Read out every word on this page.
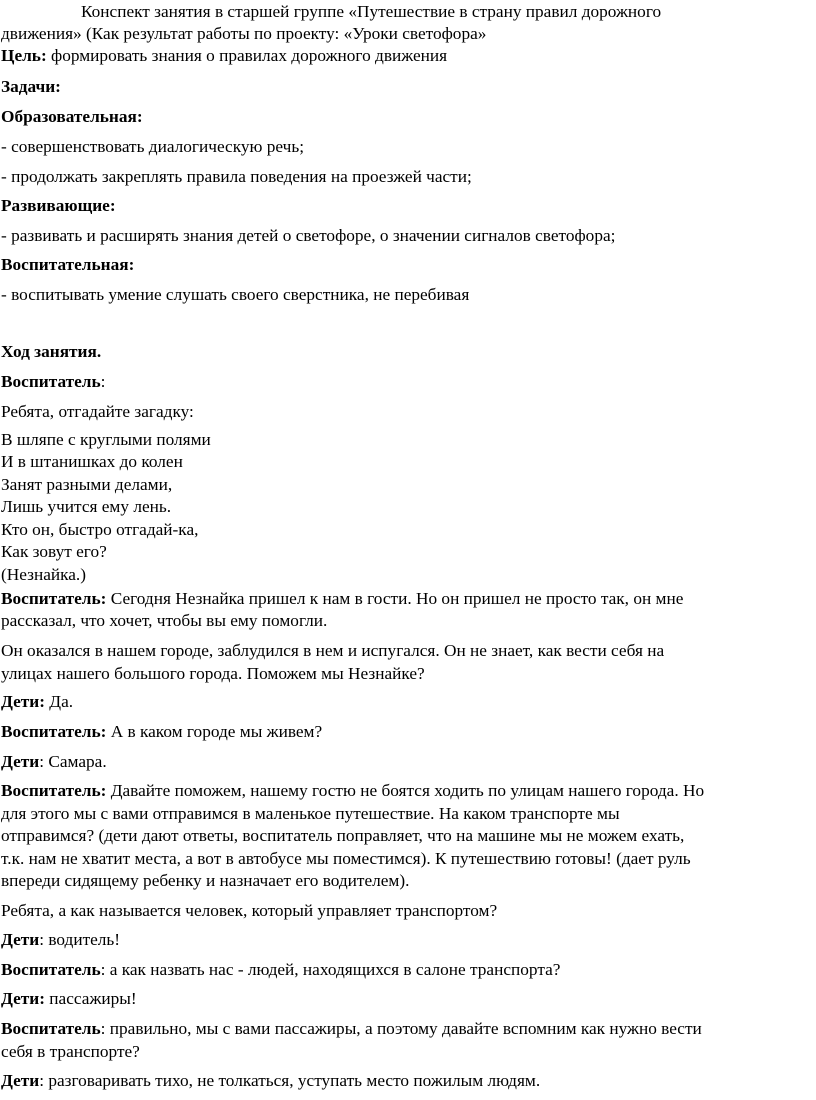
Конспект занятия в старшей группе «Путешествие в страну правил дорожного
движения» (Как результат работы по проекту: «Уроки светофора»
Цель: формировать знания о правилах дорожного движения
Задачи:
Образовательная:
- совершенствовать диалогическую речь;
- продолжать закреплять правила поведения на проезжей части;
Развивающие:
- развивать и расширять знания детей о светофоре, о значении сигналов светофора;
Воспитательная:
- воспитывать умение слушать своего сверстника, не перебивая
Ход занятия.
Воспитатель:
Ребята, отгадайте загадку:
В шляпе с круглыми полями
И в штанишках до колен
Занят разными делами,
Лишь учится ему лень.
Кто он, быстро отгадай-ка,
Как зовут его?
(Незнайка.)
Воспитатель: Сегодня Незнайка пришел к нам в гости. Но он пришел не просто так, он мне
рассказал, что хочет, чтобы вы ему помогли.
Он оказался в нашем городе, заблудился в нем и испугался. Он не знает, как вести себя на
улицах нашего большого города. Поможем мы Незнайке?
Дети: Да.
Воспитатель: А в каком городе мы живем?
Дети: Самара.
Воспитатель: Давайте поможем, нашему гостю не боятся ходить по улицам нашего города. Но
для этого мы с вами отправимся в маленькое путешествие. На каком транспорте мы
отправимся? (дети дают ответы, воспитатель поправляет, что на машине мы не можем ехать,
т.к. нам не хватит места, а вот в автобусе мы поместимся). К путешествию готовы! (дает руль
впереди сидящему ребенку и назначает его водителем).
Ребята, а как называется человек, который управляет транспортом?
Дети: водитель!
Воспитатель: а как назвать нас - людей, находящихся в салоне транспорта?
Дети: пассажиры!
Воспитатель: правильно, мы с вами пассажиры, а поэтому давайте вспомним как нужно вести
себя в транспорте?
Дети: разговаривать тихо, не толкаться, уступать место пожилым людям.
